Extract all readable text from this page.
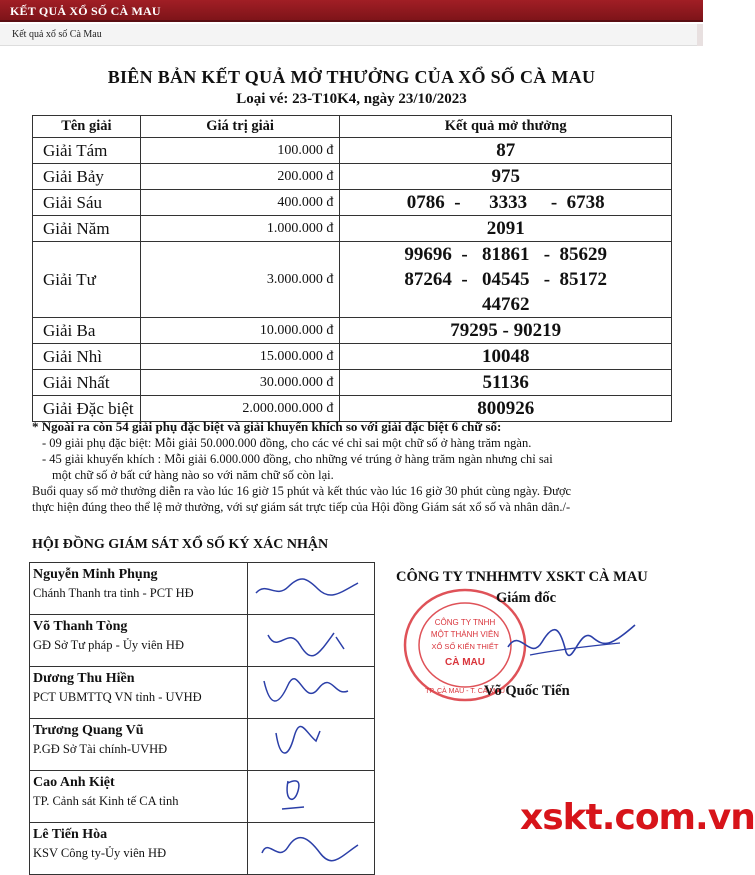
KẾT QUẢ XỔ SỐ CÀ MAU
Kết quả xổ số Cà Mau
BIÊN BẢN KẾT QUẢ MỞ THƯỞNG CỦA XỔ SỐ CÀ MAU
Loại vé: 23-T10K4, ngày 23/10/2023
Tên giải	Giá trị giải	Kết quả mở thưởng
Giải Tám	100.000 đ	87

Giải Bảy	200.000 đ	975

Giải Sáu	400.000 đ	0786  -      3333     -  6738

Giải Năm	1.000.000 đ	2091

Giải Tư	3.000.000 đ	99696  -   81861   -  85629
87264  -   04545   -  85172
44762

Giải Ba	10.000.000 đ	79295 - 90219

Giải Nhì	15.000.000 đ	10048

Giải Nhất	30.000.000 đ	51136

Giải Đặc biệt	2.000.000.000 đ	800926
* Ngoài ra còn 54 giải phụ đặc biệt và giải khuyến khích so với giải đặc biệt 6 chữ số:
- 09 giải phụ đặc biệt: Mỗi giải 50.000.000 đồng, cho các vé chỉ sai một chữ số ở hàng trăm ngàn.
- 45 giải khuyến khích : Mỗi giải 6.000.000 đồng, cho những vé trúng ở hàng trăm ngàn nhưng chỉ sai
một chữ số ở bất cứ hàng nào so với năm chữ số còn lại.
Buổi quay số mở thưởng diễn ra vào lúc 16 giờ 15 phút và kết thúc vào lúc 16 giờ 30 phút cùng ngày. Được
thực hiện đúng theo thể lệ mở thưởng, với sự giám sát trực tiếp của Hội đồng Giám sát xổ số và nhân dân./-
HỘI ĐỒNG GIÁM SÁT XỔ SỐ KÝ XÁC NHẬN
Nguyễn Minh Phụng
Chánh Thanh tra tỉnh - PCT HĐ

Võ Thanh Tòng
GĐ Sở Tư pháp - Ủy viên HĐ

Dương Thu Hiền
PCT UBMTTQ VN tỉnh - UVHĐ

Trương Quang Vũ
P.GĐ Sở Tài chính-UVHĐ

Cao Anh Kiệt
TP. Cảnh sát Kinh tế CA tỉnh

Lê Tiến Hòa
KSV Công ty-Ủy viên HĐ

CÔNG TY TNHHMTV XSKT CÀ MAU
CÔNG TY TNHH
MỘT THÀNH VIÊN
XỔ SỐ KIẾN THIẾT
CÀ MAU
TP. CÀ MAU - T. CÀ MAU
Giám đốc
Võ Quốc Tiến
xskt.com.vn
